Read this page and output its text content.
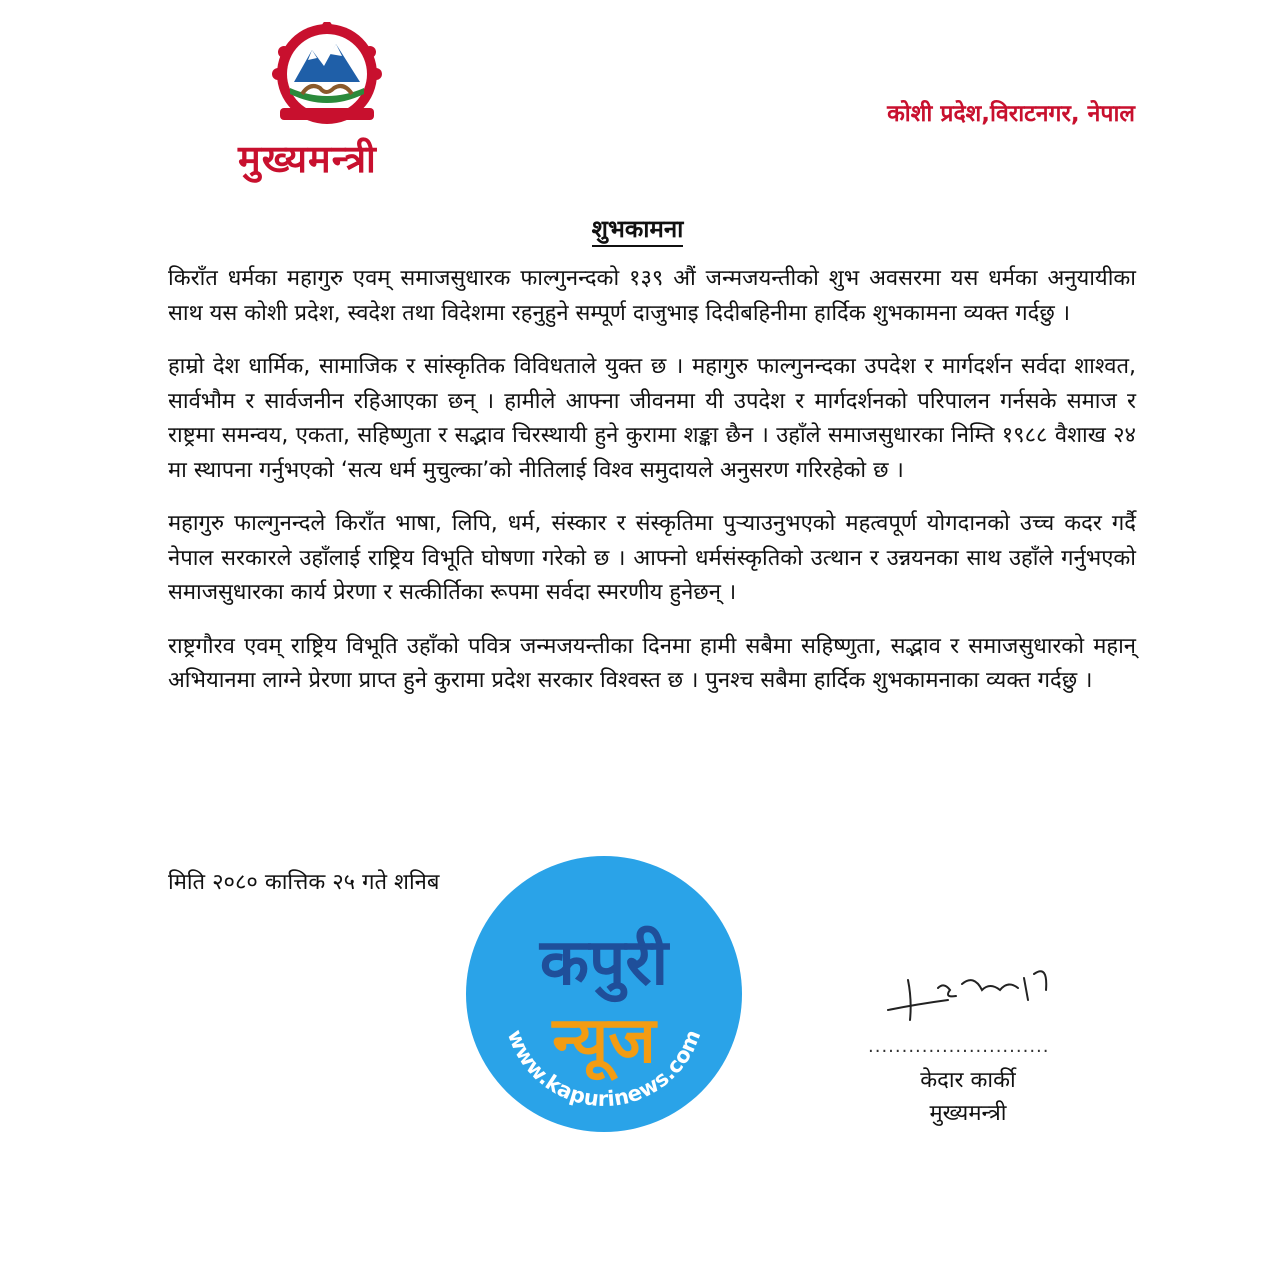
मुख्यमन्त्री
कोशी प्रदेश,विराटनगर, नेपाल
शुभकामना

किराँत धर्मका महागुरु एवम् समाजसुधारक फाल्गुनन्दको १३९ औं जन्मजयन्तीको शुभ अवसरमा यस धर्मका अनुयायीका साथ यस कोशी प्रदेश, स्वदेश तथा विदेशमा रहनुहुने सम्पूर्ण दाजुभाइ दिदीबहिनीमा हार्दिक शुभकामना व्यक्त गर्दछु ।

हाम्रो देश धार्मिक, सामाजिक र सांस्कृतिक विविधताले युक्त छ । महागुरु फाल्गुनन्दका उपदेश र मार्गदर्शन सर्वदा शाश्वत, सार्वभौम र सार्वजनीन रहिआएका छन् । हामीले आफ्ना जीवनमा यी उपदेश र मार्गदर्शनको परिपालन गर्नसके समाज र राष्ट्रमा समन्वय, एकता, सहिष्णुता र सद्भाव चिरस्थायी हुने कुरामा शङ्का छैन । उहाँले समाजसुधारका निम्ति १९८८ वैशाख २४ मा स्थापना गर्नुभएको ‘सत्य धर्म मुचुल्का’को नीतिलाई विश्व समुदायले अनुसरण गरिरहेको छ ।

महागुरु फाल्गुनन्दले किराँत भाषा, लिपि, धर्म, संस्कार र संस्कृतिमा पुर्‍याउनुभएको महत्वपूर्ण योगदानको उच्च कदर गर्दै नेपाल सरकारले उहाँलाई राष्ट्रिय विभूति घोषणा गरेको छ । आफ्नो धर्मसंस्कृतिको उत्थान र उन्नयनका साथ उहाँले गर्नुभएको समाजसुधारका कार्य प्रेरणा र सत्कीर्तिका रूपमा सर्वदा स्मरणीय हुनेछन् ।

राष्ट्रगौरव एवम् राष्ट्रिय विभूति उहाँको पवित्र जन्मजयन्तीका दिनमा हामी सबैमा सहिष्णुता, सद्भाव र समाजसुधारको महान् अभियानमा लाग्ने प्रेरणा प्राप्त हुने कुरामा प्रदेश सरकार विश्वस्त छ । पुनश्च सबैमा हार्दिक शुभकामनाका व्यक्त गर्दछु ।

मिति २०८० कात्तिक २५ गते शनिब
कपुरी
न्यूज
www.kapurinews.com	...........................
केदार कार्की
मुख्यमन्त्री
